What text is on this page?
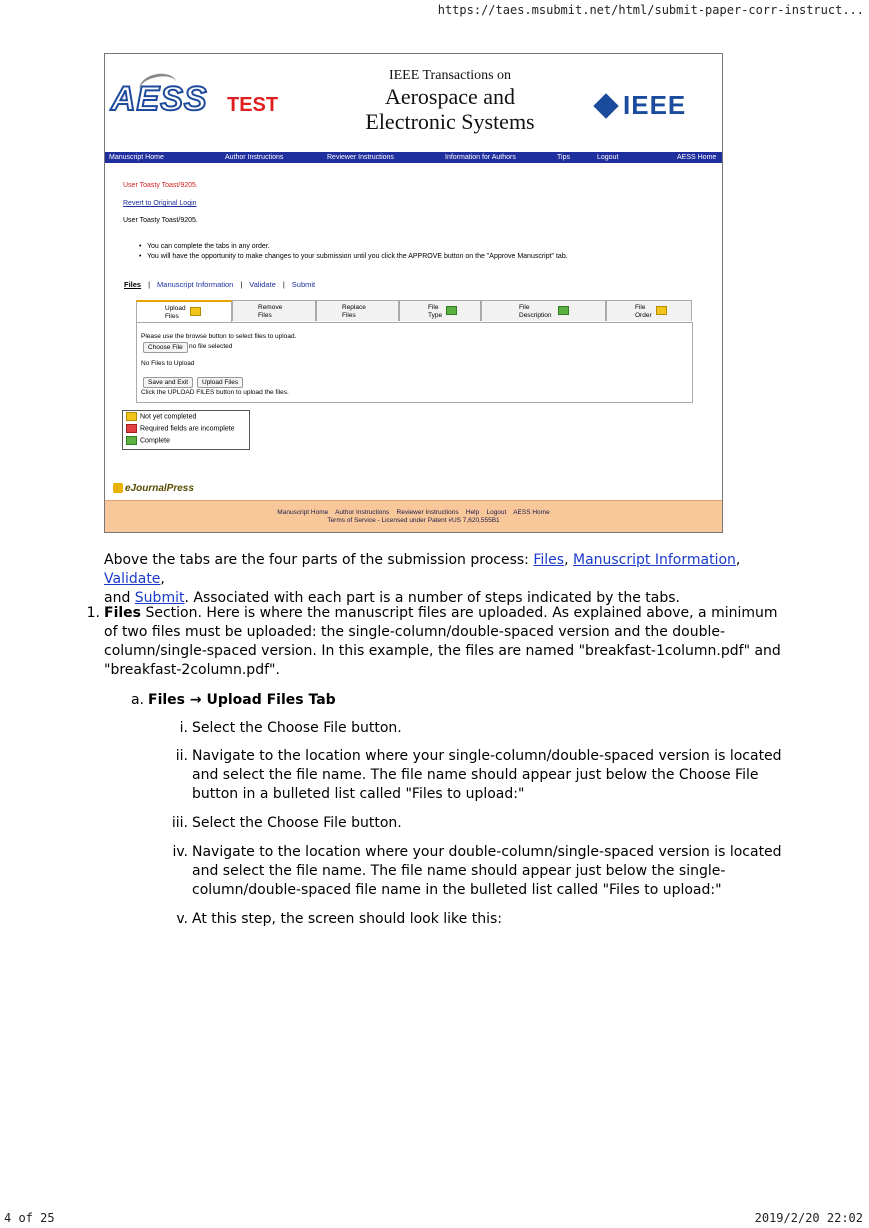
https://taes.msubmit.net/html/submit-paper-corr-instruct...
AESS TEST
IEEE Transactions on
Aerospace and
Electronic Systems
IEEE
Manuscript Home	Author Instructions	Reviewer Instructions	Information for Authors	Tips	Logout	AESS Home
User Toasty Toast/9205.
Revert to Original Login
User Toasty Toast/9205.
• You can complete the tabs in any order.
• You will have the opportunity to make changes to your submission until you click the APPROVE button on the "Approve Manuscript" tab.
Files | Manuscript Information | Validate | Submit
Upload
Files
Remove
Files
Replace
Files
File
Type
File
Description
File
Order
Please use the browse button to select files to upload.
Choose File no file selected
No Files to Upload
Save and Exit	Upload Files
Click the UPLOAD FILES button to upload the files.
Not yet completed
Required fields are incomplete
Complete
eJournalPress
Manuscript Home    Author Instructions    Reviewer Instructions    Help    Logout    AESS Home
Terms of Service - Licensed under Patent #US 7,620,555B1
Above the tabs are the four parts of the submission process: Files, Manuscript Information, Validate,
and Submit. Associated with each part is a number of steps indicated by the tabs.
1. Files Section. Here is where the manuscript files are uploaded. As explained above, a minimum of two files must be uploaded: the single-column/double-spaced version and the double-column/single-spaced version. In this example, the files are named "breakfast-1column.pdf" and "breakfast-2column.pdf".
a. Files → Upload Files Tab
i. Select the Choose File button.
ii. Navigate to the location where your single-column/double-spaced version is located and select the file name. The file name should appear just below the Choose File button in a bulleted list called "Files to upload:"
iii. Select the Choose File button.
iv. Navigate to the location where your double-column/single-spaced version is located and select the file name. The file name should appear just below the single-column/double-spaced file name in the bulleted list called "Files to upload:"
v. At this step, the screen should look like this:
4 of 25	2019/2/20 22:02
